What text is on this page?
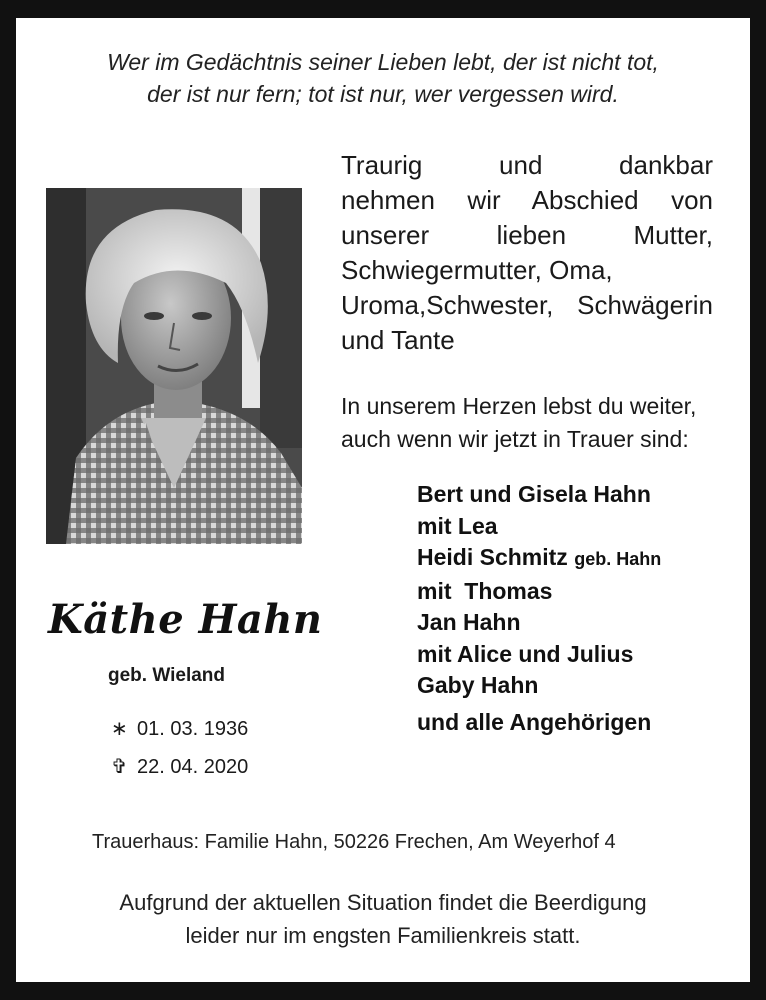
Wer im Gedächtnis seiner Lieben lebt, der ist nicht tot,
der ist nur fern; tot ist nur, wer vergessen wird.
Traurig und dankbar
nehmen wir Abschied von
unserer lieben Mutter,
Schwiegermutter, Oma,
Uroma,Schwester, Schwägerin
und Tante
In unserem Herzen lebst du weiter,
auch wenn wir jetzt in Trauer sind:
Bert und Gisela Hahn
mit Lea
Heidi Schmitz geb. Hahn
mit  Thomas
Jan Hahn
mit Alice und Julius
Gaby Hahn
und alle Angehörigen
Käthe Hahn
geb. Wieland
∗ 01. 03. 1936
✞ 22. 04. 2020
Trauerhaus: Familie Hahn, 50226 Frechen, Am Weyerhof 4
Aufgrund der aktuellen Situation findet die Beerdigung
leider nur im engsten Familienkreis statt.
